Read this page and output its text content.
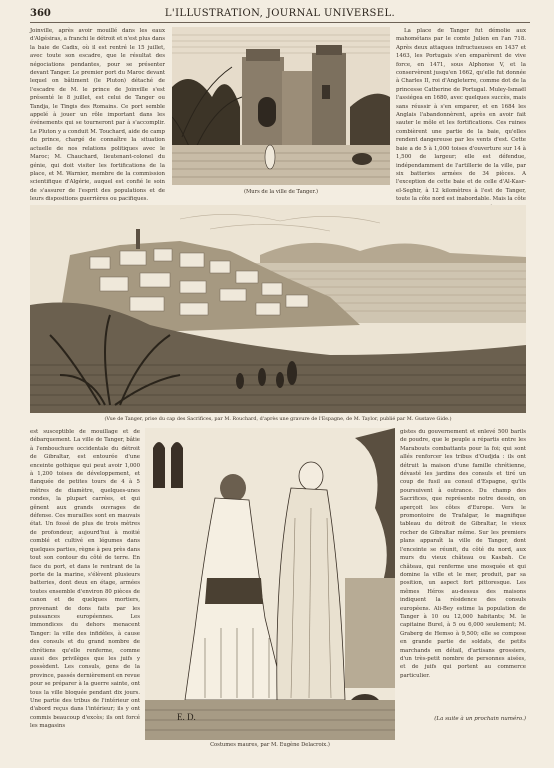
360	L'ILLUSTRATION, JOURNAL UNIVERSEL.

Joinville, après avoir mouillé dans les eaux d'Algésiras, a franchi le détroit et n'est plus dans la baie de Cadix, où il est rentré le 15 juillet, avec toute son escadre, que le résultat des négociations pendantes, pour se présenter devant Tanger. Le premier port du Maroc devant lequel on bâtiment (le Pluton) détaché de l'escadre de M. le prince de Joinville s'est présenté le 8 juillet, est celui de Tanger ou Tandja, le Tingis des Romains. Ce port semble appelé à jouer un rôle important dans les événements qui se tourneront par à s'accomplir. Le Pluton y a conduit M. Touchard, aide de camp du prince, chargé de connaître la situation actuelle de nos relations politiques avec le Maroc; M. Chauchard, lieutenant-colonel du génie, qui doit visiter les fortifications de la place, et M. Warnier, membre de la commission scientifique d'Algérie, auquel est confié le soin de s'assurer de l'esprit des populations et de leurs dispositions guerrières ou pacifiques.

(Murs de la ville de Tanger.)

La place de Tanger fut démolie aux mahométans par le comte Julien en l'an 718. Après deux attaques infructueuses en 1437 et 1463, les Portugais s'en emparèrent de vive force, en 1471, sous Alphonse V, et la conservèrent jusqu'en 1662, qu'elle fut donnée à Charles II, roi d'Angleterre, comme dot de la princesse Catherine de Portugal. Muley-Ismaël l'assiégea en 1680, avec quelques succès, mais sans réussir à s'en emparer, et en 1684 les Anglais l'abandonnèrent, après en avoir fait sauter le môle et les fortifications. Ces ruines combièrent une partie de la baie, qu'elles rendent dangereuse par les vents d'est. Cette baie a de 5 à 1,000 toises d'ouverture sur 14 à 1,500 de largeur; elle est défendue, indépendamment de l'artillerie de la ville, par six batteries armées de 34 pièces. A l'exception de cette baie et de celle d'Al-Kasr-el-Seghir, à 12 kilomètres à l'est de Tanger, toute la côte nord est inabordable. Mais la côte

(Vue de Tanger, prise du cap des Sacrifices, par M. Rouchard, d'après une gravure de l'Espagne, de M. Taylor, publié par M. Gustave Gide.)

est susceptible de mouillage et de débarquement. La ville de Tanger, bâtie à l'embouchure occidentale du détroit de Gibraltar, est entourée d'une enceinte gothique qui peut avoir 1,000 à 1,200 toises de développement, et flanquée de petites tours de 4 à 5 mètres de diamètre, quelques-unes rondes, la plupart carrées, et qui gênent aux grands ouvrages de défense. Ces murailles sont en mauvais état. Un fossé de plus de trois mètres de profondeur, aujourd'hui à moitié comblé et cultivé en légumes dans quelques parties, règne à peu près dans tout son contour du côté de terre. En face du port, et dans le rentrant de la porte de la marine, s'élèvent plusieurs batteries, dont deux en étage, armées toutes ensemble d'environ 80 pièces de canon et de quelques mortiers, provenant de dons faits par les puissances européennes. Les immondices du dehors menacent Tanger: la ville des infidèles, à cause des consuls et du grand nombre de chrétiens qu'elle renferme, comme aussi des privilèges que les juifs y possèdent. Les consuls, gens de la province, passés dernièrement en revue pour se préparer à la guerre sainte, ont tous la ville bloquée pendant dix jours. Une partie des tribus de l'intérieur ont d'abord reçus dans l'intérieur; ils y ont commis beaucoup d'excès; ils ont forcé les magasins

E. D.
Costumes maures, par M. Eugène Delacroix.)

gistes du gouvernement et enlevé 500 barils de poudre, que le peuple a répartis entre les Marabouts combattants pour la foi; qui sont allés renforcer les tribus d'Oudjda : ils ont détruit la maison d'une famille chrétienne, dévasté les jardins des consuls et tiré un coup de fusil au consul d'Espagne, qu'ils poursuivent à outrance. Du champ des Sacrifices, que représente notre dessin, on aperçoit les côtes d'Europe. Vers le promontoire de Trafalgar, le magnifique tableau du détroit de Gibraltar, le vieux rocher de Gibraltar même. Sur les premiers plans apparaît la ville de Tanger, dont l'enceinte se réunit, du côté du nord, aux murs du vieux château ou Kasbah. Ce château, qui renferme une mosquée et qui domine la ville et le mer, produit, par sa position, un aspect fort pittoresque. Les mêmes Héros au-dessus des maisons indiquent la résidence des consuls européens. Ali-Bey estime la population de Tanger à 10 ou 12,000 habitants; M. le capitaine Burel, à 5 ou 6,000 seulement; M. Graberg de Hemso à 9,500; elle se compose en grande partie de soldats, de petits marchands en détail, d'artisans grossiers, d'un très-petit nombre de personnes aisées, et de juifs qui portent au commerce particulier.

(La suite à un prochain numéro.)
